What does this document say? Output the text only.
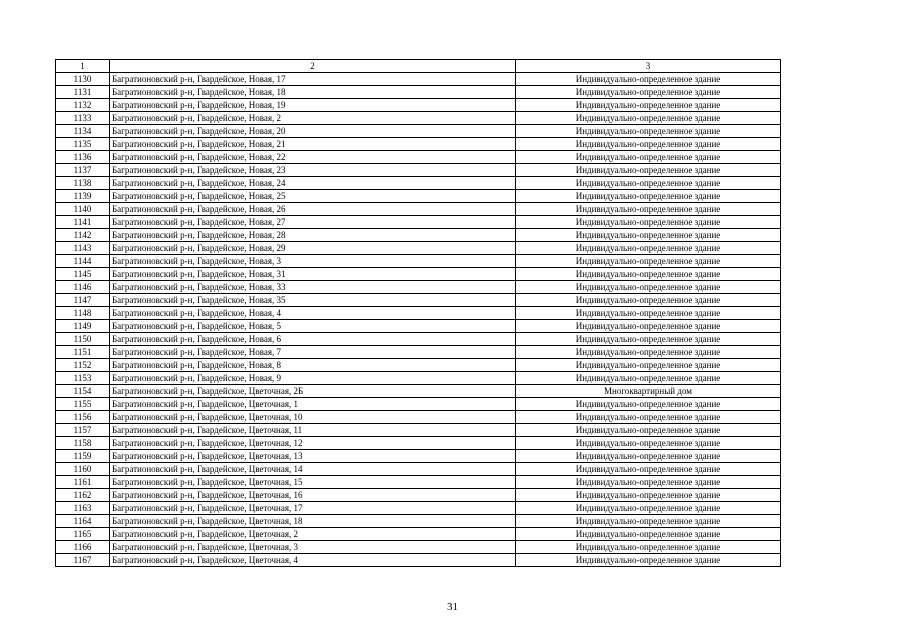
1	2	3
1130	Багратионовский р-н, Гвардейское, Новая, 17	Индивидуально-определенное здание
1131	Багратионовский р-н, Гвардейское, Новая, 18	Индивидуально-определенное здание
1132	Багратионовский р-н, Гвардейское, Новая, 19	Индивидуально-определенное здание
1133	Багратионовский р-н, Гвардейское, Новая, 2	Индивидуально-определенное здание
1134	Багратионовский р-н, Гвардейское, Новая, 20	Индивидуально-определенное здание
1135	Багратионовский р-н, Гвардейское, Новая, 21	Индивидуально-определенное здание
1136	Багратионовский р-н, Гвардейское, Новая, 22	Индивидуально-определенное здание
1137	Багратионовский р-н, Гвардейское, Новая, 23	Индивидуально-определенное здание
1138	Багратионовский р-н, Гвардейское, Новая, 24	Индивидуально-определенное здание
1139	Багратионовский р-н, Гвардейское, Новая, 25	Индивидуально-определенное здание
1140	Багратионовский р-н, Гвардейское, Новая, 26	Индивидуально-определенное здание
1141	Багратионовский р-н, Гвардейское, Новая, 27	Индивидуально-определенное здание
1142	Багратионовский р-н, Гвардейское, Новая, 28	Индивидуально-определенное здание
1143	Багратионовский р-н, Гвардейское, Новая, 29	Индивидуально-определенное здание
1144	Багратионовский р-н, Гвардейское, Новая, 3	Индивидуально-определенное здание
1145	Багратионовский р-н, Гвардейское, Новая, 31	Индивидуально-определенное здание
1146	Багратионовский р-н, Гвардейское, Новая, 33	Индивидуально-определенное здание
1147	Багратионовский р-н, Гвардейское, Новая, 35	Индивидуально-определенное здание
1148	Багратионовский р-н, Гвардейское, Новая, 4	Индивидуально-определенное здание
1149	Багратионовский р-н, Гвардейское, Новая, 5	Индивидуально-определенное здание
1150	Багратионовский р-н, Гвардейское, Новая, 6	Индивидуально-определенное здание
1151	Багратионовский р-н, Гвардейское, Новая, 7	Индивидуально-определенное здание
1152	Багратионовский р-н, Гвардейское, Новая, 8	Индивидуально-определенное здание
1153	Багратионовский р-н, Гвардейское, Новая, 9	Индивидуально-определенное здание
1154	Багратионовский р-н, Гвардейское, Цветочная, 2Б	Многоквартирный дом
1155	Багратионовский р-н, Гвардейское, Цветочная, 1	Индивидуально-определенное здание
1156	Багратионовский р-н, Гвардейское, Цветочная, 10	Индивидуально-определенное здание
1157	Багратионовский р-н, Гвардейское, Цветочная, 11	Индивидуально-определенное здание
1158	Багратионовский р-н, Гвардейское, Цветочная, 12	Индивидуально-определенное здание
1159	Багратионовский р-н, Гвардейское, Цветочная, 13	Индивидуально-определенное здание
1160	Багратионовский р-н, Гвардейское, Цветочная, 14	Индивидуально-определенное здание
1161	Багратионовский р-н, Гвардейское, Цветочная, 15	Индивидуально-определенное здание
1162	Багратионовский р-н, Гвардейское, Цветочная, 16	Индивидуально-определенное здание
1163	Багратионовский р-н, Гвардейское, Цветочная, 17	Индивидуально-определенное здание
1164	Багратионовский р-н, Гвардейское, Цветочная, 18	Индивидуально-определенное здание
1165	Багратионовский р-н, Гвардейское, Цветочная, 2	Индивидуально-определенное здание
1166	Багратионовский р-н, Гвардейское, Цветочная, 3	Индивидуально-определенное здание
1167	Багратионовский р-н, Гвардейское, Цветочная, 4	Индивидуально-определенное здание
31
